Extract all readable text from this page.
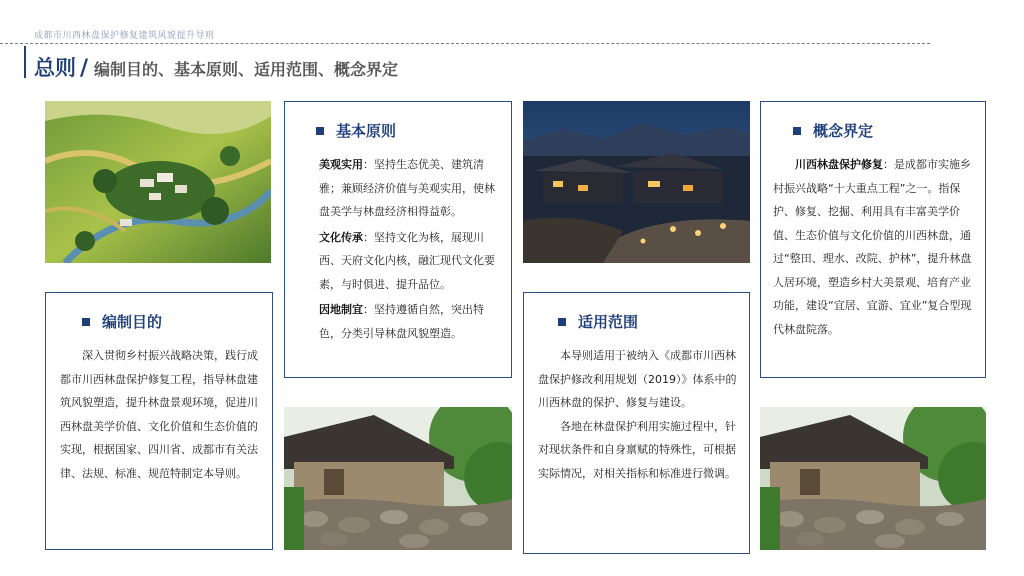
成都市川西林盘保护修复建筑风貌提升导则
总则 / 编制目的、基本原则、适用范围、概念界定
基本原则

美观实用：坚持生态优美、建筑清雅；兼顾经济价值与美观实用，使林盘美学与林盘经济相得益彰。

文化传承：坚持文化为核，展现川西、天府文化内核，融汇现代文化要素，与时俱进、提升品位。

因地制宜：坚持遵循自然，突出特色，分类引导林盘风貌塑造。

概念界定

川西林盘保护修复：是成都市实施乡村振兴战略“十大重点工程”之一。指保护、修复、挖掘、利用具有丰富美学价值、生态价值与文化价值的川西林盘，通过“整田、理水、改院、护林”，提升林盘人居环境，塑造乡村大美景观、培育产业功能，建设“宜居、宜游、宜业”复合型现代林盘院落。

编制目的

深入贯彻乡村振兴战略决策，践行成都市川西林盘保护修复工程，指导林盘建筑风貌塑造，提升林盘景观环境，促进川西林盘美学价值、文化价值和生态价值的实现，根据国家、四川省、成都市有关法律、法规、标准、规范特制定本导则。

适用范围

本导则适用于被纳入《成都市川西林盘保护修改利用规划（2019）》体系中的川西林盘的保护、修复与建设。

各地在林盘保护利用实施过程中，针对现状条件和自身禀赋的特殊性，可根据实际情况，对相关指标和标准进行微调。
